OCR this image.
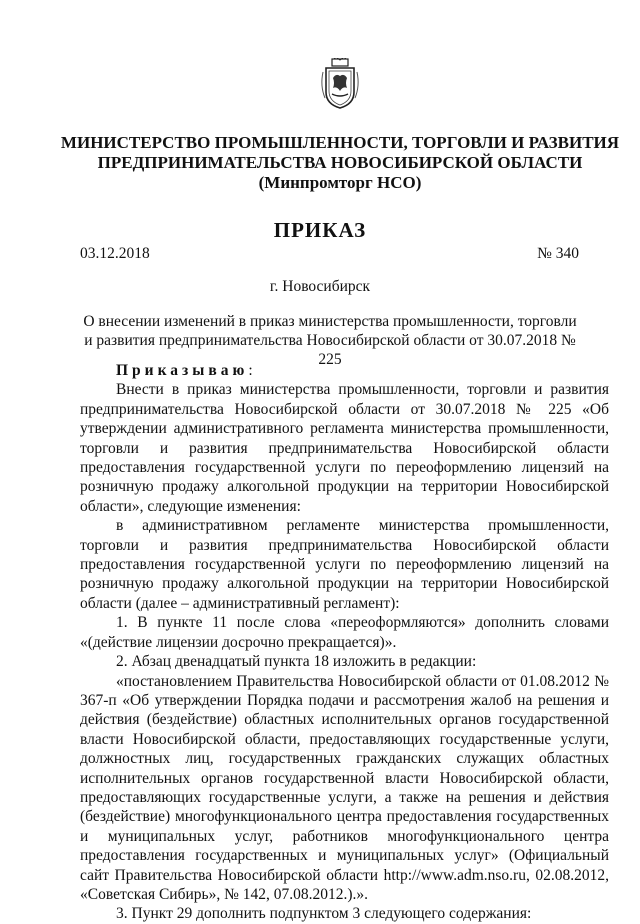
МИНИСТЕРСТВО ПРОМЫШЛЕННОСТИ, ТОРГОВЛИ И РАЗВИТИЯ
ПРЕДПРИНИМАТЕЛЬСТВА НОВОСИБИРСКОЙ ОБЛАСТИ
(Минпромторг НСО)
ПРИКАЗ
03.12.2018	№ 340
г. Новосибирск
О внесении изменений в приказ министерства промышленности, торговли и развития предпринимательства Новосибирской области от 30.07.2018 № 225

Приказываю:

Внести в приказ министерства промышленности, торговли и развития предпринимательства Новосибирской области от 30.07.2018 № 225 «Об утверждении административного регламента министерства промышленности, торговли и развития предпринимательства Новосибирской области предоставления государственной услуги по переоформлению лицензий на розничную продажу алкогольной продукции на территории Новосибирской области», следующие изменения:

в административном регламенте министерства промышленности, торговли и развития предпринимательства Новосибирской области предоставления государственной услуги по переоформлению лицензий на розничную продажу алкогольной продукции на территории Новосибирской области (далее – административный регламент):

1. В пункте 11 после слова «переоформляются» дополнить словами «(действие лицензии досрочно прекращается)».

2. Абзац двенадцатый пункта 18 изложить в редакции:

«постановлением Правительства Новосибирской области от 01.08.2012 № 367-п «Об утверждении Порядка подачи и рассмотрения жалоб на решения и действия (бездействие) областных исполнительных органов государственной власти Новосибирской области, предоставляющих государственные услуги, должностных лиц, государственных гражданских служащих областных исполнительных органов государственной власти Новосибирской области, предоставляющих государственные услуги, а также на решения и действия (бездействие) многофункционального центра предоставления государственных и муниципальных услуг, работников многофункционального центра предоставления государственных и муниципальных услуг» (Официальный сайт Правительства Новосибирской области http://www.adm.nso.ru, 02.08.2012, «Советская Сибирь», № 142, 07.08.2012.).».

3. Пункт 29 дополнить подпунктом 3 следующего содержания:
